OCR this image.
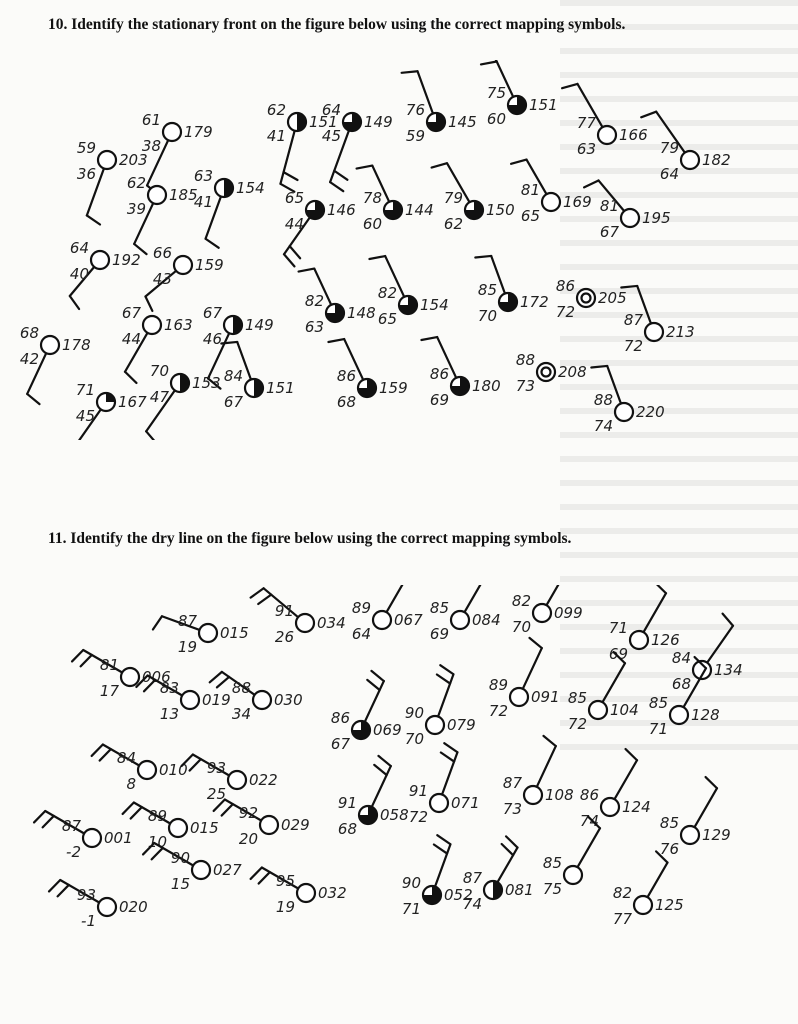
10. Identify the stationary front on the figure below using the correct mapping symbols.
59
36
203
61
38
179
62
41
151
64
45
149
76
59
145
75
60
151
77
63
166
79
64
182
62
39
185
63
41
154
65
44
146
78
60
144
79
62
150
81
65
169 81
67
195
64
40
192 66
43
159
67
44
163
67
46
149
82
63
148
82
65
154
85
70
172
86
72
205
87
72
213
68
42
178
70
47
153
71
45
167
84
67
151
86
68
159
86
69
180
88
73
208
88
74
220
11. Identify the dry line on the figure below using the correct mapping symbols.
81
17
006
87
19
015
91
26
034
89
64
067
85
69
084
82
70
099
71
69
126
84
68
134
83
13
019
88
34
030
86
67
069
90
70
079
89
72
091 85
72
104 85
71
128
84
8
010 93
25
022
87
-2
001
89
10
015
92
20
029
91
68
058
91
72
071
87
73
108 86
74
124
85
76
129
90
15
027
95
19
032
90
71
052
87
74
081
85
75	82
77
125
93
-1
020
